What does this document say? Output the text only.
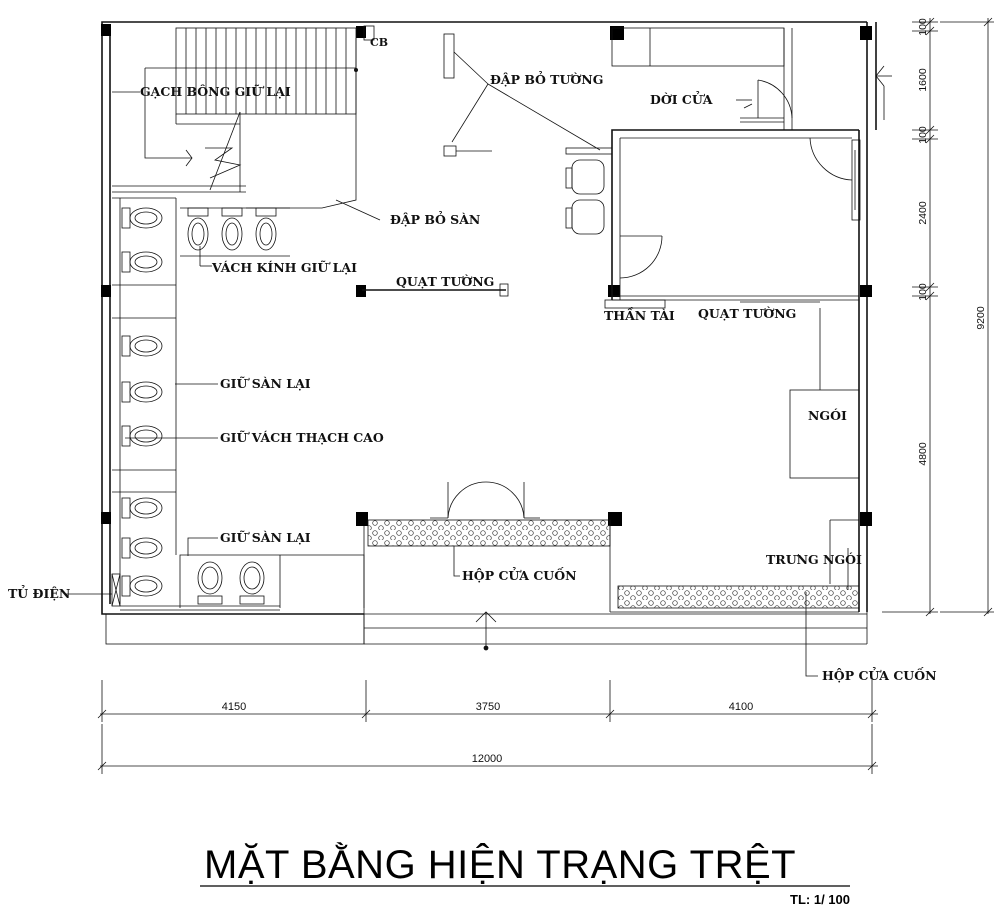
GẠCH BÔNG GIỮ LẠI
CB
ĐẬP BỎ TƯỜNG
DỜI CỬA
ĐẬP BỎ SÀN
VÁCH KÍNH GIỮ LẠI
QUẠT TƯỜNG
THẦN TÀI QUẠT TƯỜNG
NGÓI
GIỮ SÀN LẠI
GIỮ VÁCH THẠCH CAO
GIỮ SÀN LẠI
TỦ ĐIỆN
HỘP CỬA CUỐN
TRƯNG NGÓI
HỘP CỬA CUỐN
4150	3750	4100
12000
100
1600
100
2400
100
4800
9200
MẶT BẰNG HIỆN TRẠNG TRỆT
TL: 1/ 100
